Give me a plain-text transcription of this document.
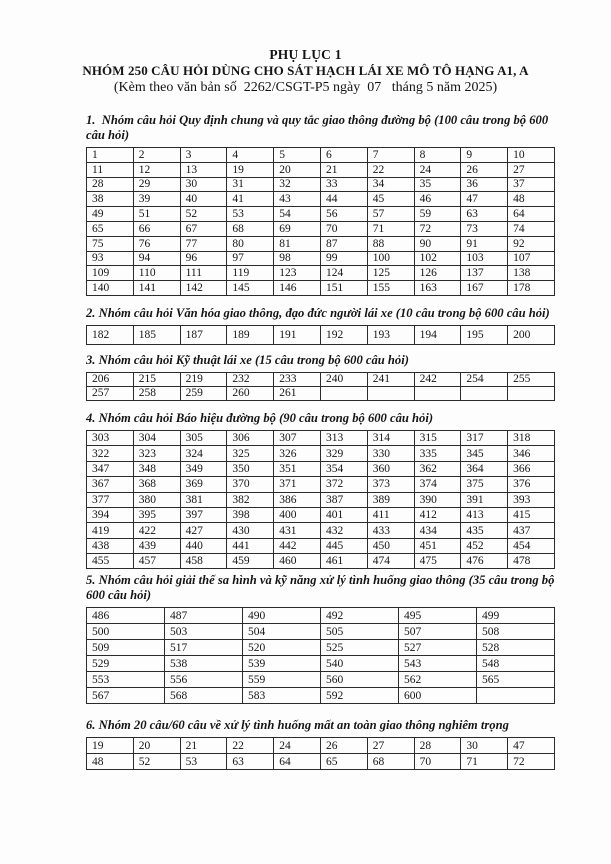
PHỤ LỤC 1
NHÓM 250 CÂU HỎI DÙNG CHO SÁT HẠCH LÁI XE MÔ TÔ HẠNG A1, A
(Kèm theo văn bản số  2262/CSGT-P5 ngày  07   tháng 5 năm 2025)
1.  Nhóm câu hỏi Quy định chung và quy tắc giao thông đường bộ (100 câu trong bộ 600 câu hỏi)
1	2	3	4	5	6	7	8	9	10
11	12	13	19	20	21	22	24	26	27
28	29	30	31	32	33	34	35	36	37
38	39	40	41	43	44	45	46	47	48
49	51	52	53	54	56	57	59	63	64
65	66	67	68	69	70	71	72	73	74
75	76	77	80	81	87	88	90	91	92
93	94	96	97	98	99	100	102	103	107
109	110	111	119	123	124	125	126	137	138
140	141	142	145	146	151	155	163	167	178
2. Nhóm câu hỏi Văn hóa giao thông, đạo đức người lái xe (10 câu trong bộ 600 câu hỏi)
182	185	187	189	191	192	193	194	195	200
3. Nhóm câu hỏi Kỹ thuật lái xe (15 câu trong bộ 600 câu hỏi)
206	215	219	232	233	240	241	242	254	255
257	258	259	260	261					
4. Nhóm câu hỏi Báo hiệu đường bộ (90 câu trong bộ 600 câu hỏi)
303	304	305	306	307	313	314	315	317	318
322	323	324	325	326	329	330	335	345	346
347	348	349	350	351	354	360	362	364	366
367	368	369	370	371	372	373	374	375	376
377	380	381	382	386	387	389	390	391	393
394	395	397	398	400	401	411	412	413	415
419	422	427	430	431	432	433	434	435	437
438	439	440	441	442	445	450	451	452	454
455	457	458	459	460	461	474	475	476	478
5. Nhóm câu hỏi giải thế sa hình và kỹ năng xử lý tình huống giao thông (35 câu trong bộ 600 câu hỏi)
486	487	490	492	495	499
500	503	504	505	507	508
509	517	520	525	527	528
529	538	539	540	543	548
553	556	559	560	562	565
567	568	583	592	600	
6. Nhóm 20 câu/60 câu về xử lý tình huống mất an toàn giao thông nghiêm trọng
19	20	21	22	24	26	27	28	30	47
48	52	53	63	64	65	68	70	71	72
